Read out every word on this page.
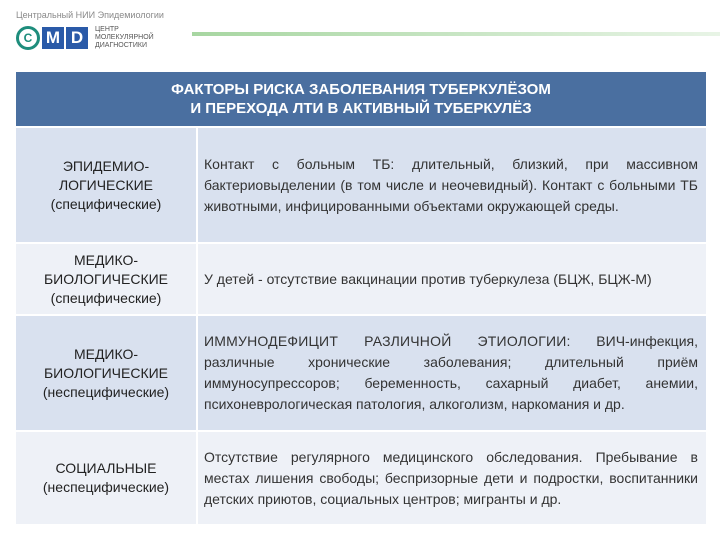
Центральный НИИ Эпидемиологии
C M D	ЦЕНТР МОЛЕКУЛЯРНОЙ ДИАГНОСТИКИ
ФАКТОРЫ РИСКА ЗАБОЛЕВАНИЯ ТУБЕРКУЛЁЗОМ
И ПЕРЕХОДА ЛТИ В АКТИВНЫЙ ТУБЕРКУЛЁЗ
ЭПИДЕМИО-
ЛОГИЧЕСКИЕ
(специфические)

Контакт с больным ТБ: длительный, близкий, при массивном бактериовыделении (в том числе и неочевидный). Контакт с больными ТБ животными, инфицированными объектами окружающей среды.

МЕДИКО-
БИОЛОГИЧЕСКИЕ
(специфические)

У детей - отсутствие вакцинации против туберкулеза (БЦЖ, БЦЖ-М)

МЕДИКО-
БИОЛОГИЧЕСКИЕ
(неспецифические)

ИММУНОДЕФИЦИТ РАЗЛИЧНОЙ ЭТИОЛОГИИ: ВИЧ-инфекция, различные хронические заболевания; длительный приём иммуносупрессоров; беременность, сахарный диабет, анемии, психоневрологическая патология, алкоголизм, наркомания и др.

СОЦИАЛЬНЫЕ
(неспецифические)

Отсутствие регулярного медицинского обследования. Пребывание в местах лишения свободы; беспризорные дети и подростки, воспитанники детских приютов, социальных центров; мигранты и др.
